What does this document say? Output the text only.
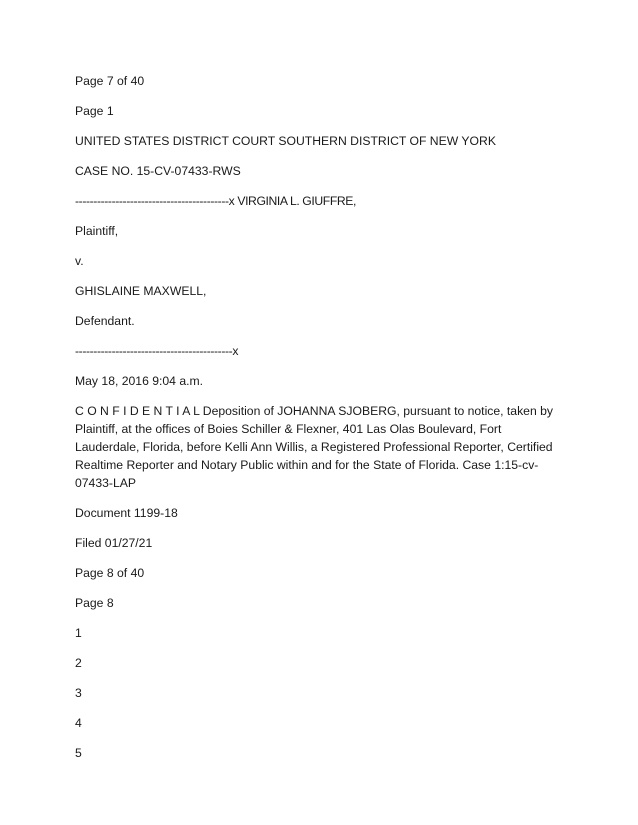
Page 7 of 40

Page 1

UNITED STATES DISTRICT COURT SOUTHERN DISTRICT OF NEW YORK

CASE NO. 15-CV-07433-RWS

------------------------------------------x VIRGINIA L. GIUFFRE,

Plaintiff,

v.

GHISLAINE MAXWELL,

Defendant.

-------------------------------------------x

May 18, 2016 9:04 a.m.

C O N F I D E N T I A L Deposition of JOHANNA SJOBERG, pursuant to notice, taken by Plaintiff, at the offices of Boies Schiller & Flexner, 401 Las Olas Boulevard, Fort Lauderdale, Florida, before Kelli Ann Willis, a Registered Professional Reporter, Certified Realtime Reporter and Notary Public within and for the State of Florida. Case 1:15-cv-07433-LAP

Document 1199-18

Filed 01/27/21

Page 8 of 40

Page 8

1

2

3

4

5
